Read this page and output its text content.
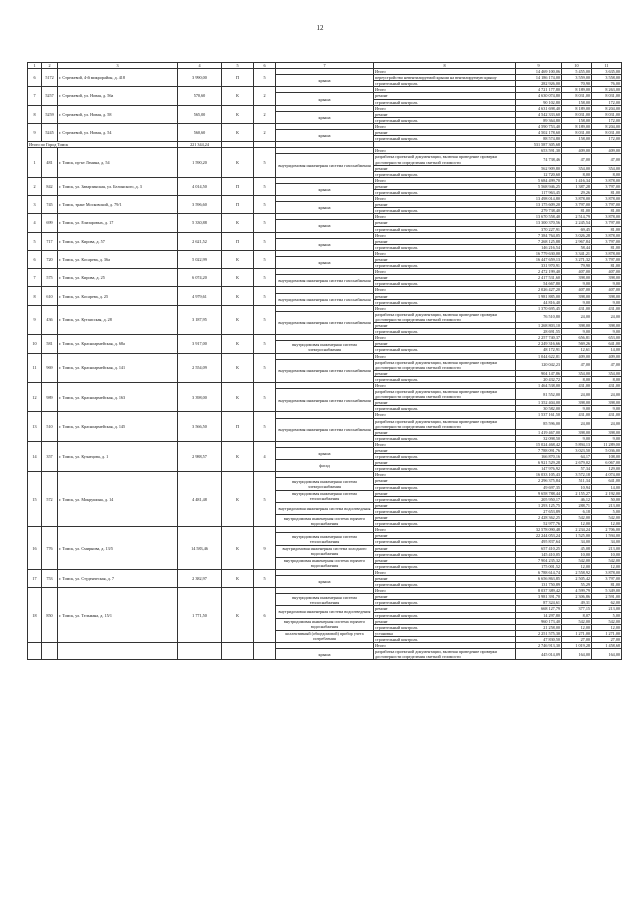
12
1	2	3	4	5	6	7	8	9	10	11
6	5172	г. Стрежевой, 4-й микрорайон, д. 418	3 990,00	П	5		Итого	14 469 100,06	5 455,00	3 635,00
						крыша	переустройство невентилируемой крыши на вентилируемую крышу	14 186 174,00	3 559,00	3 558,00
							строительный контроль	282 926,00	70,90	76,00
7	5257	г. Стрежевой, ул. Новая, д. 56а	570,60	К	2		Итого	4 721 177,80	8 189,00	8 263,00
						крыша	ремонт	4 630 074,80	8 031,00	8 031,00
							строительный контроль	90 102,80	158,00	172,00
8	5259	г. Стрежевой, ул. Новая, д. 58	565,00	К	2		Итого	4 631 698,40	8 189,00	8 204,00
						крыша	ремонт	4 542 333,60	8 031,00	8 031,00
							строительный контроль	89 364,80	158,00	172,00
9	5245	г. Стрежевой, ул. Новая, д. 54	560,60	К	2		Итого	4 590 753,40	8 189,00	8 204,00
						крыша	ремонт	4 502 178,60	8 031,00	8 031,00
							строительный контроль	88 574,80	158,00	172,00
Итого по Город Томск			221 344,24					531 587 305,68		
1	481	г. Томск, пр-кт Ленина, д. 54	1 590,20	К	5		Итого	653 591,30	409,00	409,00
						внутридомовая инженерная система газоснабжения	разработка проектной документации, включая проведение проверки достоверности определения сметной стоимости	74 738,46	47,00	47,00
							ремонт	562 909,80	354,00	354,00
							строительный контроль	12 720,60	8,00	8,00
2	842	г. Томск, ул. Заварзинская, ул. Белинского, д. 3	4 014,50	П	5		Итого	5 684 499,70	1 416,34	3 878,00
						крыша	ремонт	5 568 946,25	1 387,28	3 797,00
							строительный контроль	117 963,45	29,26	81,00
3	745	г. Томск, тракт Московский, д. 79/1	3 596,60	П	5		Итого	13 498 014,80	3 878,00	3 878,00
						крыша	ремонт	13 175 609,20	3 797,00	3 797,00
							строительный контроль	279 738,40	81,00	81,00
4	699	г. Томск, ул. Елизаровых, д. 17	5 330,88	К	5		Итого	13 670 558,40	2 514,79	3 878,00
						крыша	ремонт	13 300 370,56	2 245,54	3 797,00
							строительный контроль	370 227,91	69,45	81,00
5	717	г. Томск, ул. Кирова, д. 57	2 621,52	П	5		Итого	7 384 764,05	3 026,28	3 878,00
						крыша	ремонт	7 268 125,88	2 967,84	3 797,00
							строительный контроль	146 216,54	58,44	81,00
6	720	г. Томск, ул. Косарева, д. 36а	5 022,99	К	5		Итого	16 779 630,00	3 341,21	3 878,00
						крыша	ремонт	16 447 659,13	3 271,32	3 797,00
							строительный контроль	331 970,91	79,90	81,00
7	575	г. Томск, ул. Кирова, д. 25	6 074,20	К	5		Итого	2 472 199,40	407,00	407,00
						внутридомовая инженерная система газоснабжения	ремонт	2 417 531,60	398,00	398,00
							строительный контроль	54 667,80	9,00	9,00
8	610	г. Томск, ул. Косарева, д. 25	4 979,61	К	5		Итого	2 026 427,20	407,00	407,00
						внутридомовая инженерная система газоснабжения	ремонт	1 981 885,00	398,00	398,00
							строительный контроль	44 816,40	9,00	9,00
9	436	г. Томск, ул. Кутаисская, д. 28	3 187,95	К	5		Итого	1 370 695,45	431,00	431,00
						внутридомовая инженерная система газоснабжения	разработка проектной документации, включая проведение проверки достоверности определения сметной стоимости	76 510,80	24,00	24,00
							ремонт	1 268 803,10	398,00	398,00
							строительный контроль	28 691,55	9,00	9,00
10	581	г. Томск, ул. Красноармейская, д. 68а	3 917,00	К	5		Итого	2 257 740,37	656,81	653,00
						внутридомовая инженерная система электроснабжения	ремонт	2 249 316,66	569,26	641,00
							строительный контроль	48 172,91	12,61	14,00
11	969	г. Томск, ул. Красноармейская, д. 141	2 554,09	К	5		Итого	1 044 622,81	409,00	409,00
						внутридомовая инженерная система газоснабжения	разработка проектной документации, включая проведение проверки достоверности определения сметной стоимости	120 042,23	47,00	47,00
							ремонт	904 147,86	354,00	354,00
							строительный контроль	20 432,72	8,00	8,00
12	989	г. Томск, ул. Красноармейская, д. 163	3 398,00	К	5		Итого	1 464 538,00	431,00	431,00
						внутридомовая инженерная система газоснабжения	разработка проектной документации, включая проведение проверки достоверности определения сметной стоимости	81 552,00	24,00	24,00
							ремонт	1 352 404,00	398,00	398,00
							строительный контроль	30 582,00	9,00	9,00
13	510	г. Томск, ул. Красноармейская, д. 145	3 566,50	П	5		Итого	1 537 161,50	431,00	431,00
						внутридомовая инженерная система газоснабжения	разработка проектной документации, включая проведение проверки достоверности определения сметной стоимости	85 596,00	24,00	24,00
							ремонт	1 419 467,00	398,00	398,00
							строительный контроль	32 098,50	9,00	9,00
14	357	г. Томск, ул. Кузнецова, д. 1	2 988,57	К	4		Итого	15 024 468,42	5 894,13	11 289,00
						крыша	ремонт	7 788 091,76	3 023,50	5 036,00
							строительный контроль	166 870,16	64,17	108,00
						фасад	ремонт	6 921 529,28	2 679,02	6 067,00
							строительный контроль	147 976,92	57,34	129,00
15	572	г. Томск, ул. Мокрушина, д. 14	4 481,48	К	5		Итого	16 033 105,43	3 572,18	4 074,00
						внутридомовая инженерная система электроснабжения	ремонт	2 296 375,84	511,34	641,00
							строительный контроль	49 697,35	10,94	14,00
						внутридомовая инженерная система теплоснабжения	ремонт	9 658 788,44	2 155,27	2 192,00
							строительный контроль	205 950,17	46,12	50,00
						внутридомовая инженерная система водоотведения	ремонт	1 293 125,75	288,71	213,00
							строительный контроль	27 653,89	6,18	5,00
						внутридомовая инженерная система горячего водоснабжения	ремонт	2 428 362,25	542,00	542,00
							строительный контроль	52 977,76	12,00	12,00
16	776	г. Томск, ул. Смирнова, д. 13/5	14 583,46	К	9		Итого	32 578 090,48	2 234,24	2 706,00
						внутридомовая инженерная система теплоснабжения	ремонт	22 244 053,24	1 525,00	1 594,00
							строительный контроль	495 837,64	34,00	34,00
						внутридомовая инженерная система холодного водоснабжения	ремонт	657 410,25	45,08	213,00
							строительный контроль	145 410,05	10,00	10,00
						внутридомовая инженерная система горячего водоснабжения	ремонт	7 904 235,32	542,00	542,00
							строительный контроль	175 001,52	12,00	12,00
17	753	г. Томск, ул. Студенческая, д. 7	2 382,97	К	5		Итого	6 788 614,74	2 558,92	3 878,00
						крыша	ремонт	6 656 863,85	2 505,42	3 797,00
							строительный контроль	131 750,89	55,29	81,00
18	850	г. Томск, ул. Тельмана, д. 15/1	1 771,50	К	6		Итого	8 037 389,42	4 599,79	5 349,00
						внутридомовая инженерная система теплоснабжения	ремонт	3 981 391,70	2 306,86	2 591,00
							строительный контроль	87 324,61	49,31	62,00
						внутридомовая инженерная система водоотведения	ремонт	668 127,79	377,15	213,00
							строительный контроль	14 297,80	8,07	5,00
						внутридомовая инженерная система горячего водоснабжения	ремонт	960 173,40	542,00	542,00
							строительный контроль	21 258,00	12,00	12,00
						коллективный (общедомовой) прибор учета потребления	установка	2 251 575,30	1 271,00	1 271,00
							строительный контроль	47 830,50	27,00	27,00
							Итого	2 746 913,30	1 019,28	1 458,68
						крыша	разработка проектной документации, включая проведение проверки достоверности определения сметной стоимости	445 014,09	164,00	164,00
